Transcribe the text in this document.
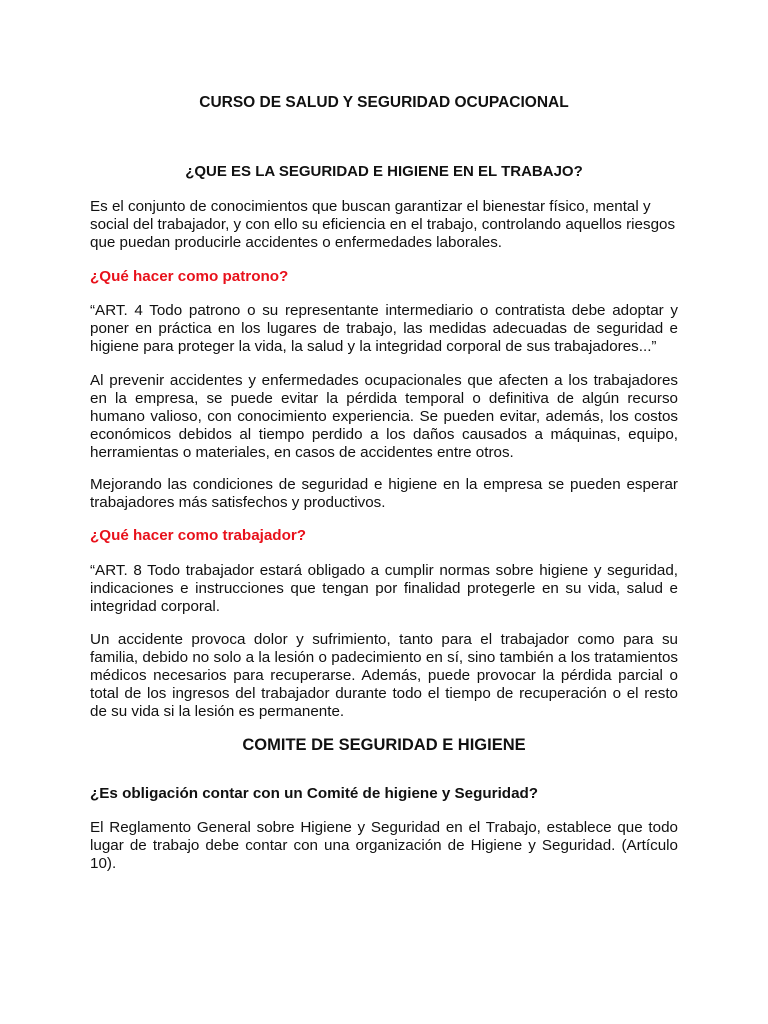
CURSO DE SALUD Y SEGURIDAD OCUPACIONAL
¿QUE ES LA SEGURIDAD E HIGIENE EN EL TRABAJO?

Es el conjunto de conocimientos que buscan garantizar el bienestar físico, mental y social del trabajador, y con ello su eficiencia en el trabajo, controlando aquellos riesgos que puedan producirle accidentes o enfermedades laborales.

¿Qué hacer como patrono?

“ART. 4 Todo patrono o su representante intermediario o contratista debe adoptar y poner en práctica en los lugares de trabajo, las medidas adecuadas de seguridad e higiene para proteger la vida, la salud y la integridad corporal de sus trabajadores...”

Al prevenir accidentes y enfermedades ocupacionales que afecten a los trabajadores en la empresa, se puede evitar la pérdida temporal o definitiva de algún recurso humano valioso, con conocimiento experiencia. Se pueden evitar, además, los costos económicos debidos al tiempo perdido a los daños causados a máquinas, equipo, herramientas o materiales, en casos de accidentes entre otros.

Mejorando las condiciones de seguridad e higiene en la empresa se pueden esperar trabajadores más satisfechos y productivos.

¿Qué hacer como trabajador?

“ART. 8 Todo trabajador estará obligado a cumplir normas sobre higiene y seguridad, indicaciones e instrucciones que tengan por finalidad protegerle en su vida, salud e integridad corporal.

Un accidente provoca dolor y sufrimiento, tanto para el trabajador como para su familia, debido no solo a la lesión o padecimiento en sí, sino también a los tratamientos médicos necesarios para recuperarse. Además, puede provocar la pérdida parcial o total de los ingresos del trabajador durante todo el tiempo de recuperación o el resto de su vida si la lesión es permanente.

COMITE DE SEGURIDAD E HIGIENE

¿Es obligación contar con un Comité de higiene y Seguridad?

El Reglamento General sobre Higiene y Seguridad en el Trabajo, establece que todo lugar de trabajo debe contar con una organización de Higiene y Seguridad. (Artículo 10).
